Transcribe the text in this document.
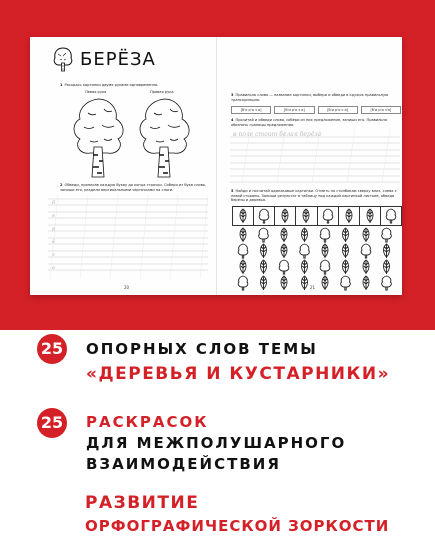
БЕРЁЗА
1 Раскрась картинки двумя руками одновременно.
Левая рука	Правая рука
2 Обведи, прописав каждую букву до конца строчки. Собери из букв слово, запиши его, раздели вертикальными чёрточками на слоги.
б
е
р
ё
з
а
20
3 Правильно слово — название картинки, выбери и обведи в кружок правильную транскрипцию.
[б'е р'о з а]	[б'и р'о з а]	[б'и р'о с а]	[б'и р'о з'а]
4 Прочитай и обведи слова, собери из них предложение, запиши его. Правильно обозначь границы предложения.
в поле стоит белая берёза
5 Найди и посчитай одинаковые картинки. Отметь по столбикам сверху вниз, слева с левой стороны. Запиши результат в таблицу под каждой картинкой листьев, обведи берёзы и деревья.
21
25 ОПОРНЫХ СЛОВ ТЕМЫ
«ДЕРЕВЬЯ И КУСТАРНИКИ»
25 РАСКРАСОК
ДЛЯ МЕЖПОЛУШАРНОГО
ВЗАИМОДЕЙСТВИЯ
РАЗВИТИЕ
ОРФОГРАФИЧЕСКОЙ ЗОРКОСТИ
